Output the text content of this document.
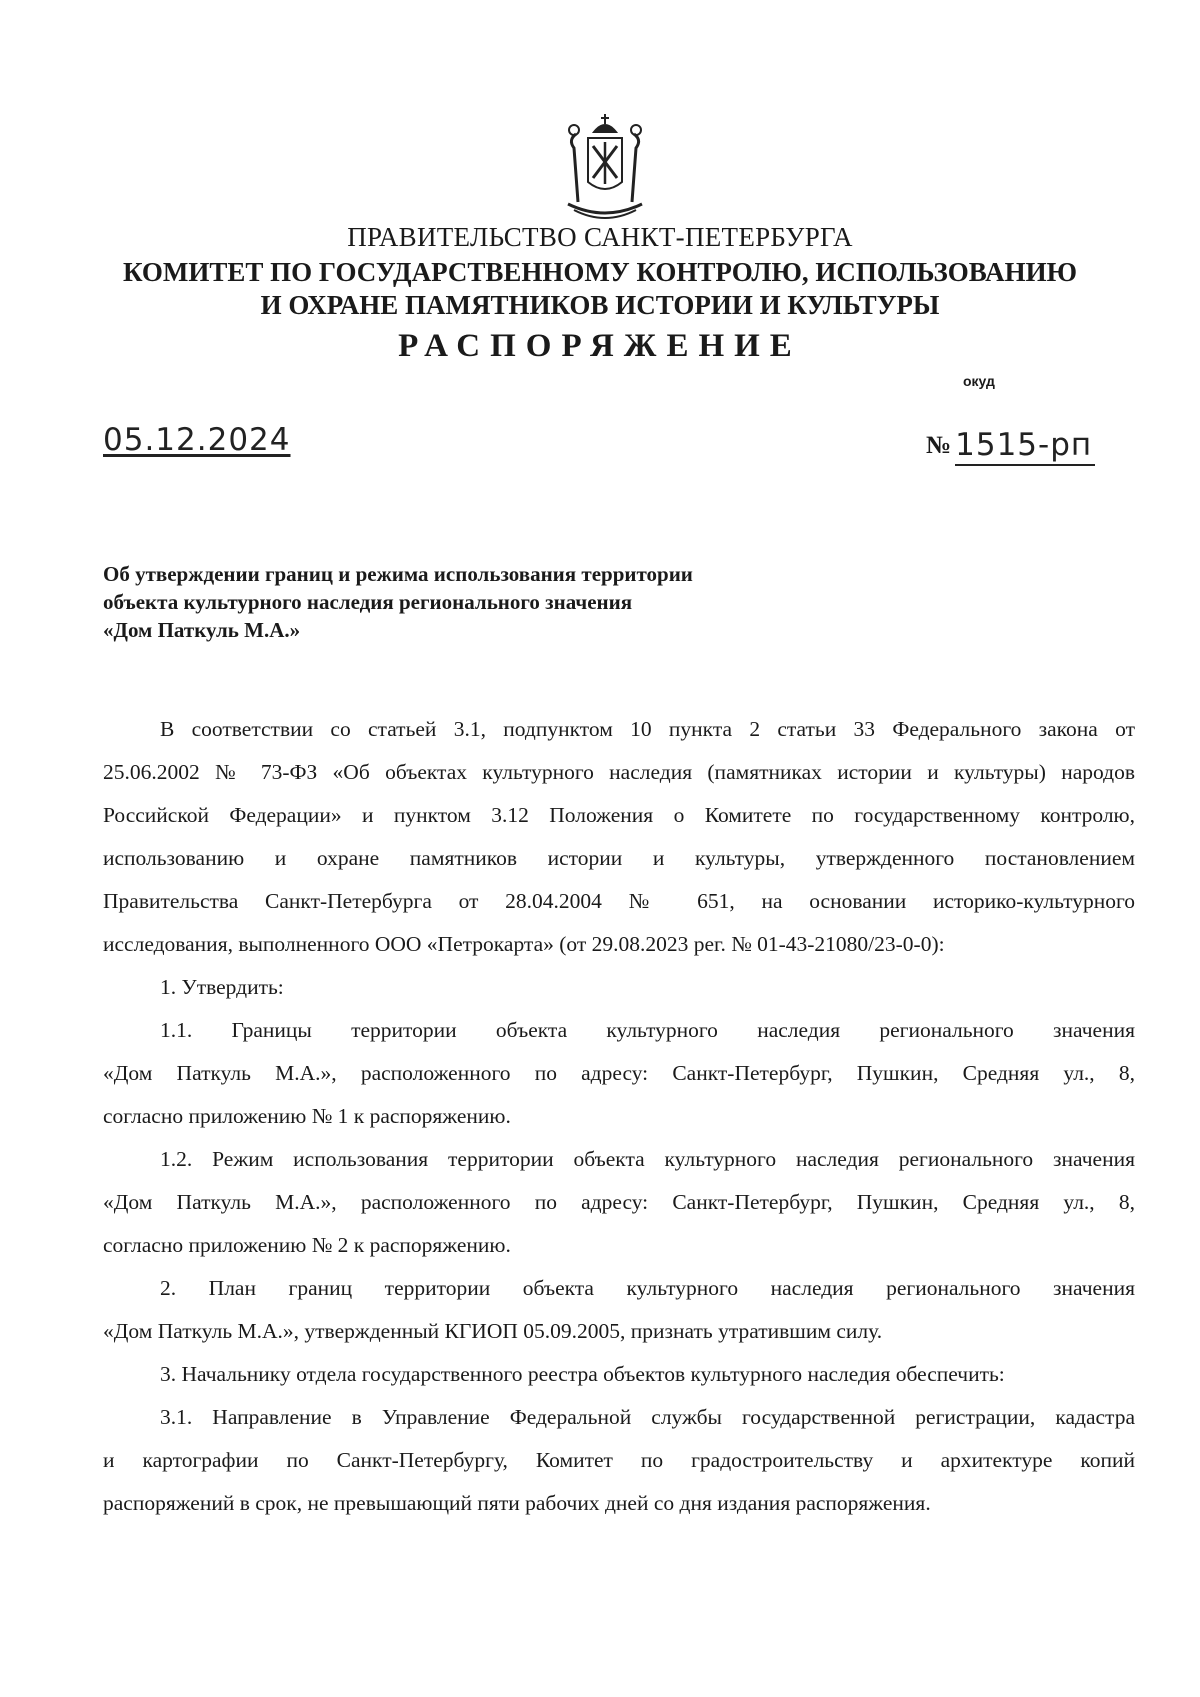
ПРАВИТЕЛЬСТВО САНКТ-ПЕТЕРБУРГА
КОМИТЕТ ПО ГОСУДАРСТВЕННОМУ КОНТРОЛЮ, ИСПОЛЬЗОВАНИЮ
И ОХРАНЕ ПАМЯТНИКОВ ИСТОРИИ И КУЛЬТУРЫ
РАСПОРЯЖЕНИЕ
окуд
05.12.2024	№ 1515-рп
Об утверждении границ и режима использования территории
объекта культурного наследия регионального значения
«Дом Паткуль М.А.»

В соответствии со статьей 3.1, подпунктом 10 пункта 2 статьи 33 Федерального закона от

25.06.2002 № 73-ФЗ «Об объектах культурного наследия (памятниках истории и культуры) народов

Российской Федерации» и пунктом 3.12 Положения о Комитете по государственному контролю,

использованию и охране памятников истории и культуры, утвержденного постановлением

Правительства Санкт-Петербурга от 28.04.2004 № 651, на основании историко-культурного

исследования, выполненного ООО «Петрокарта» (от 29.08.2023 рег. № 01-43-21080/23-0-0):

1. Утвердить:

1.1. Границы территории объекта культурного наследия регионального значения

«Дом Паткуль М.А.», расположенного по адресу: Санкт-Петербург, Пушкин, Средняя ул., 8,

согласно приложению № 1 к распоряжению.

1.2. Режим использования территории объекта культурного наследия регионального значения

«Дом Паткуль М.А.», расположенного по адресу: Санкт-Петербург, Пушкин, Средняя ул., 8,

согласно приложению № 2 к распоряжению.

2. План границ территории объекта культурного наследия регионального значения

«Дом Паткуль М.А.», утвержденный КГИОП 05.09.2005, признать утратившим силу.

3. Начальнику отдела государственного реестра объектов культурного наследия обеспечить:

3.1. Направление в Управление Федеральной службы государственной регистрации, кадастра

и картографии по Санкт-Петербургу, Комитет по градостроительству и архитектуре копий

распоряжений в срок, не превышающий пяти рабочих дней со дня издания распоряжения.
